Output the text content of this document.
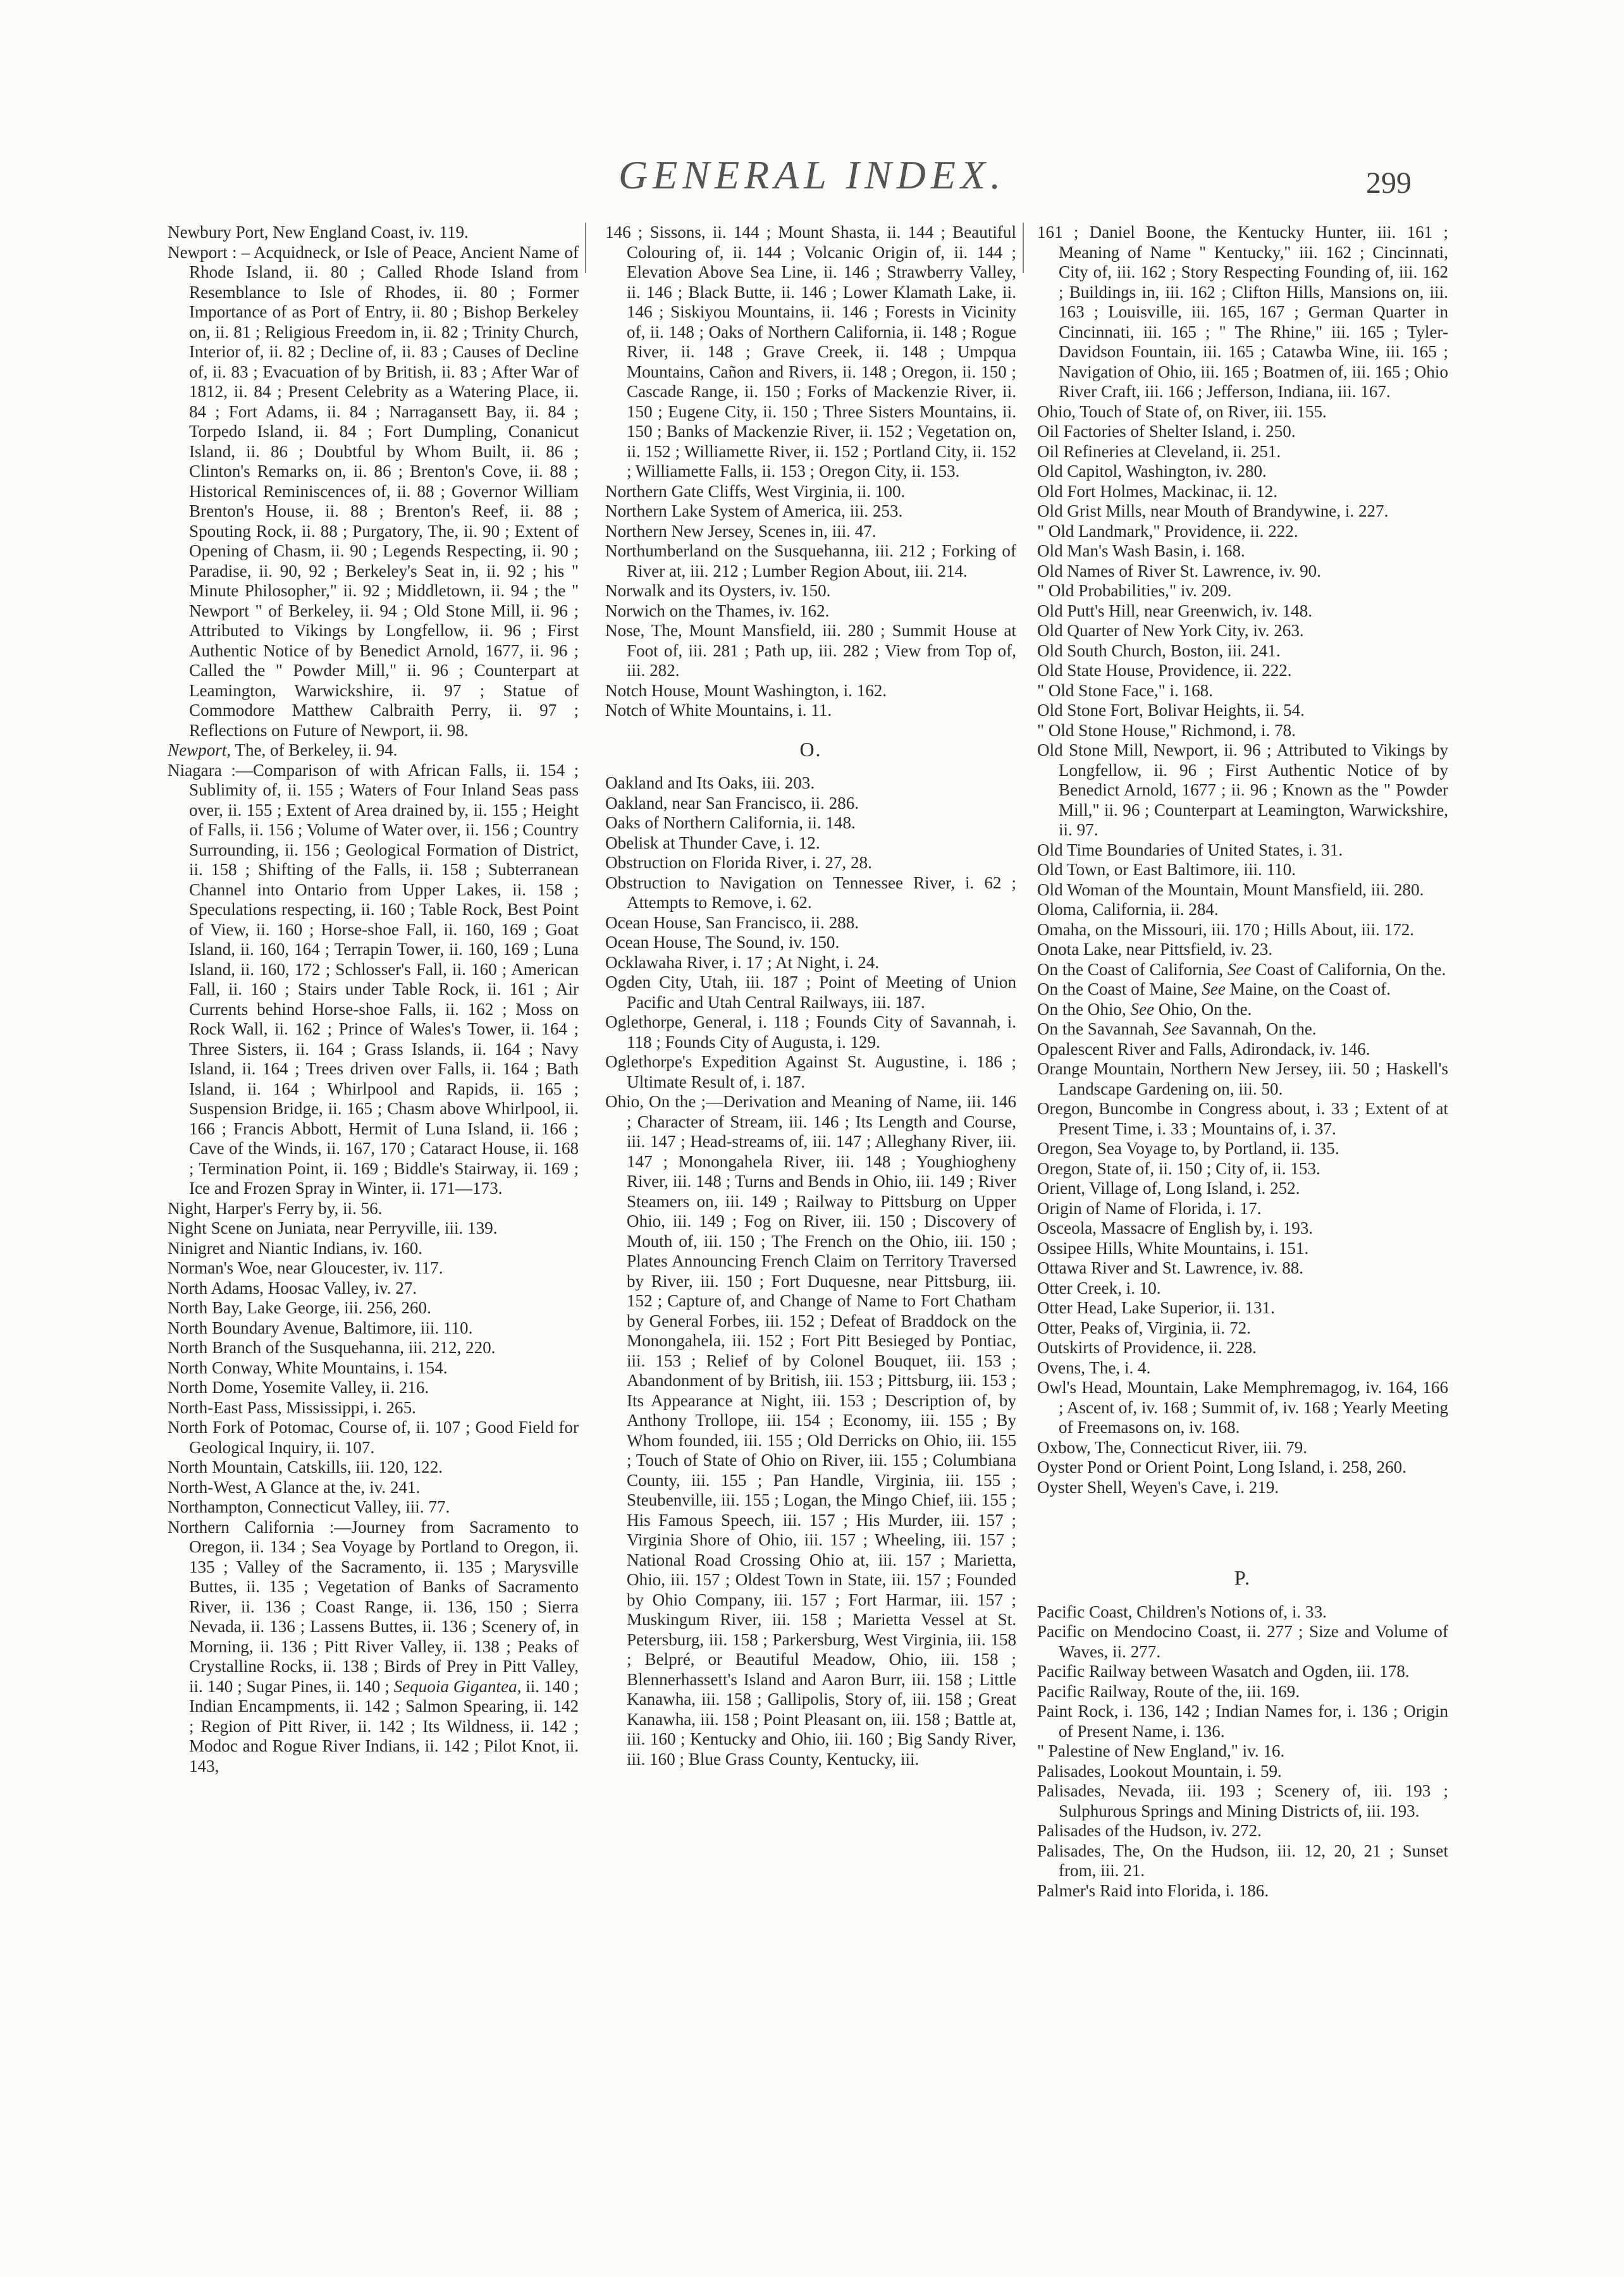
GENERAL INDEX.	299

Newbury Port, New England Coast, iv. 119.

Newport : – Acquidneck, or Isle of Peace, Ancient Name of Rhode Island, ii. 80 ; Called Rhode Island from Resemblance to Isle of Rhodes, ii. 80 ; Former Importance of as Port of Entry, ii. 80 ; Bishop Berkeley on, ii. 81 ; Religious Freedom in, ii. 82 ; Trinity Church, Interior of, ii. 82 ; Decline of, ii. 83 ; Causes of Decline of, ii. 83 ; Evacuation of by British, ii. 83 ; After War of 1812, ii. 84 ; Present Celebrity as a Watering Place, ii. 84 ; Fort Adams, ii. 84 ; Narragansett Bay, ii. 84 ; Torpedo Island, ii. 84 ; Fort Dumpling, Conanicut Island, ii. 86 ; Doubtful by Whom Built, ii. 86 ; Clinton's Remarks on, ii. 86 ; Brenton's Cove, ii. 88 ; Historical Reminiscences of, ii. 88 ; Governor William Brenton's House, ii. 88 ; Brenton's Reef, ii. 88 ; Spouting Rock, ii. 88 ; Purgatory, The, ii. 90 ; Extent of Opening of Chasm, ii. 90 ; Legends Respecting, ii. 90 ; Paradise, ii. 90, 92 ; Berkeley's Seat in, ii. 92 ; his " Minute Philosopher," ii. 92 ; Middletown, ii. 94 ; the " Newport " of Berkeley, ii. 94 ; Old Stone Mill, ii. 96 ; Attributed to Vikings by Longfellow, ii. 96 ; First Authentic Notice of by Benedict Arnold, 1677, ii. 96 ; Called the " Powder Mill," ii. 96 ; Counterpart at Leamington, Warwickshire, ii. 97 ; Statue of Commodore Matthew Calbraith Perry, ii. 97 ; Reflections on Future of Newport, ii. 98.

Newport, The, of Berkeley, ii. 94.

Niagara :—Comparison of with African Falls, ii. 154 ; Sublimity of, ii. 155 ; Waters of Four Inland Seas pass over, ii. 155 ; Extent of Area drained by, ii. 155 ; Height of Falls, ii. 156 ; Volume of Water over, ii. 156 ; Country Surrounding, ii. 156 ; Geological Formation of District, ii. 158 ; Shifting of the Falls, ii. 158 ; Subterranean Channel into Ontario from Upper Lakes, ii. 158 ; Speculations respecting, ii. 160 ; Table Rock, Best Point of View, ii. 160 ; Horse-shoe Fall, ii. 160, 169 ; Goat Island, ii. 160, 164 ; Terrapin Tower, ii. 160, 169 ; Luna Island, ii. 160, 172 ; Schlosser's Fall, ii. 160 ; American Fall, ii. 160 ; Stairs under Table Rock, ii. 161 ; Air Currents behind Horse-shoe Falls, ii. 162 ; Moss on Rock Wall, ii. 162 ; Prince of Wales's Tower, ii. 164 ; Three Sisters, ii. 164 ; Grass Islands, ii. 164 ; Navy Island, ii. 164 ; Trees driven over Falls, ii. 164 ; Bath Island, ii. 164 ; Whirlpool and Rapids, ii. 165 ; Suspension Bridge, ii. 165 ; Chasm above Whirlpool, ii. 166 ; Francis Abbott, Hermit of Luna Island, ii. 166 ; Cave of the Winds, ii. 167, 170 ; Cataract House, ii. 168 ; Termination Point, ii. 169 ; Biddle's Stairway, ii. 169 ; Ice and Frozen Spray in Winter, ii. 171—173.

Night, Harper's Ferry by, ii. 56.

Night Scene on Juniata, near Perryville, iii. 139.

Ninigret and Niantic Indians, iv. 160.

Norman's Woe, near Gloucester, iv. 117.

North Adams, Hoosac Valley, iv. 27.

North Bay, Lake George, iii. 256, 260.

North Boundary Avenue, Baltimore, iii. 110.

North Branch of the Susquehanna, iii. 212, 220.

North Conway, White Mountains, i. 154.

North Dome, Yosemite Valley, ii. 216.

North-East Pass, Mississippi, i. 265.

North Fork of Potomac, Course of, ii. 107 ; Good Field for Geological Inquiry, ii. 107.

North Mountain, Catskills, iii. 120, 122.

North-West, A Glance at the, iv. 241.

Northampton, Connecticut Valley, iii. 77.

Northern California :—Journey from Sacramento to Oregon, ii. 134 ; Sea Voyage by Portland to Oregon, ii. 135 ; Valley of the Sacramento, ii. 135 ; Marysville Buttes, ii. 135 ; Vegetation of Banks of Sacramento River, ii. 136 ; Coast Range, ii. 136, 150 ; Sierra Nevada, ii. 136 ; Lassens Buttes, ii. 136 ; Scenery of, in Morning, ii. 136 ; Pitt River Valley, ii. 138 ; Peaks of Crystalline Rocks, ii. 138 ; Birds of Prey in Pitt Valley, ii. 140 ; Sugar Pines, ii. 140 ; Sequoia Gigantea, ii. 140 ; Indian Encampments, ii. 142 ; Salmon Spearing, ii. 142 ; Region of Pitt River, ii. 142 ; Its Wildness, ii. 142 ; Modoc and Rogue River Indians, ii. 142 ; Pilot Knot, ii. 143,

146 ; Sissons, ii. 144 ; Mount Shasta, ii. 144 ; Beautiful Colouring of, ii. 144 ; Volcanic Origin of, ii. 144 ; Elevation Above Sea Line, ii. 146 ; Strawberry Valley, ii. 146 ; Black Butte, ii. 146 ; Lower Klamath Lake, ii. 146 ; Siskiyou Mountains, ii. 146 ; Forests in Vicinity of, ii. 148 ; Oaks of Northern California, ii. 148 ; Rogue River, ii. 148 ; Grave Creek, ii. 148 ; Umpqua Mountains, Cañon and Rivers, ii. 148 ; Oregon, ii. 150 ; Cascade Range, ii. 150 ; Forks of Mackenzie River, ii. 150 ; Eugene City, ii. 150 ; Three Sisters Mountains, ii. 150 ; Banks of Mackenzie River, ii. 152 ; Vegetation on, ii. 152 ; Williamette River, ii. 152 ; Portland City, ii. 152 ; Williamette Falls, ii. 153 ; Oregon City, ii. 153.

Northern Gate Cliffs, West Virginia, ii. 100.

Northern Lake System of America, iii. 253.

Northern New Jersey, Scenes in, iii. 47.

Northumberland on the Susquehanna, iii. 212 ; Forking of River at, iii. 212 ; Lumber Region About, iii. 214.

Norwalk and its Oysters, iv. 150.

Norwich on the Thames, iv. 162.

Nose, The, Mount Mansfield, iii. 280 ; Summit House at Foot of, iii. 281 ; Path up, iii. 282 ; View from Top of, iii. 282.

Notch House, Mount Washington, i. 162.

Notch of White Mountains, i. 11.

O.

Oakland and Its Oaks, iii. 203.

Oakland, near San Francisco, ii. 286.

Oaks of Northern California, ii. 148.

Obelisk at Thunder Cave, i. 12.

Obstruction on Florida River, i. 27, 28.

Obstruction to Navigation on Tennessee River, i. 62 ; Attempts to Remove, i. 62.

Ocean House, San Francisco, ii. 288.

Ocean House, The Sound, iv. 150.

Ocklawaha River, i. 17 ; At Night, i. 24.

Ogden City, Utah, iii. 187 ; Point of Meeting of Union Pacific and Utah Central Railways, iii. 187.

Oglethorpe, General, i. 118 ; Founds City of Savannah, i. 118 ; Founds City of Augusta, i. 129.

Oglethorpe's Expedition Against St. Augustine, i. 186 ; Ultimate Result of, i. 187.

Ohio, On the ;—Derivation and Meaning of Name, iii. 146 ; Character of Stream, iii. 146 ; Its Length and Course, iii. 147 ; Head-streams of, iii. 147 ; Alleghany River, iii. 147 ; Monongahela River, iii. 148 ; Youghiogheny River, iii. 148 ; Turns and Bends in Ohio, iii. 149 ; River Steamers on, iii. 149 ; Railway to Pittsburg on Upper Ohio, iii. 149 ; Fog on River, iii. 150 ; Discovery of Mouth of, iii. 150 ; The French on the Ohio, iii. 150 ; Plates Announcing French Claim on Territory Traversed by River, iii. 150 ; Fort Duquesne, near Pittsburg, iii. 152 ; Capture of, and Change of Name to Fort Chatham by General Forbes, iii. 152 ; Defeat of Braddock on the Monongahela, iii. 152 ; Fort Pitt Besieged by Pontiac, iii. 153 ; Relief of by Colonel Bouquet, iii. 153 ; Abandonment of by British, iii. 153 ; Pittsburg, iii. 153 ; Its Appearance at Night, iii. 153 ; Description of, by Anthony Trollope, iii. 154 ; Economy, iii. 155 ; By Whom founded, iii. 155 ; Old Derricks on Ohio, iii. 155 ; Touch of State of Ohio on River, iii. 155 ; Columbiana County, iii. 155 ; Pan Handle, Virginia, iii. 155 ; Steubenville, iii. 155 ; Logan, the Mingo Chief, iii. 155 ; His Famous Speech, iii. 157 ; His Murder, iii. 157 ; Virginia Shore of Ohio, iii. 157 ; Wheeling, iii. 157 ; National Road Crossing Ohio at, iii. 157 ; Marietta, Ohio, iii. 157 ; Oldest Town in State, iii. 157 ; Founded by Ohio Company, iii. 157 ; Fort Harmar, iii. 157 ; Muskingum River, iii. 158 ; Marietta Vessel at St. Petersburg, iii. 158 ; Parkersburg, West Virginia, iii. 158 ; Belpré, or Beautiful Meadow, Ohio, iii. 158 ; Blennerhassett's Island and Aaron Burr, iii. 158 ; Little Kanawha, iii. 158 ; Gallipolis, Story of, iii. 158 ; Great Kanawha, iii. 158 ; Point Pleasant on, iii. 158 ; Battle at, iii. 160 ; Kentucky and Ohio, iii. 160 ; Big Sandy River, iii. 160 ; Blue Grass County, Kentucky, iii.

161 ; Daniel Boone, the Kentucky Hunter, iii. 161 ; Meaning of Name " Kentucky," iii. 162 ; Cincinnati, City of, iii. 162 ; Story Respecting Founding of, iii. 162 ; Buildings in, iii. 162 ; Clifton Hills, Mansions on, iii. 163 ; Louisville, iii. 165, 167 ; German Quarter in Cincinnati, iii. 165 ; " The Rhine," iii. 165 ; Tyler-Davidson Fountain, iii. 165 ; Catawba Wine, iii. 165 ; Navigation of Ohio, iii. 165 ; Boatmen of, iii. 165 ; Ohio River Craft, iii. 166 ; Jefferson, Indiana, iii. 167.

Ohio, Touch of State of, on River, iii. 155.

Oil Factories of Shelter Island, i. 250.

Oil Refineries at Cleveland, ii. 251.

Old Capitol, Washington, iv. 280.

Old Fort Holmes, Mackinac, ii. 12.

Old Grist Mills, near Mouth of Brandywine, i. 227.

" Old Landmark," Providence, ii. 222.

Old Man's Wash Basin, i. 168.

Old Names of River St. Lawrence, iv. 90.

" Old Probabilities," iv. 209.

Old Putt's Hill, near Greenwich, iv. 148.

Old Quarter of New York City, iv. 263.

Old South Church, Boston, iii. 241.

Old State House, Providence, ii. 222.

" Old Stone Face," i. 168.

Old Stone Fort, Bolivar Heights, ii. 54.

" Old Stone House," Richmond, i. 78.

Old Stone Mill, Newport, ii. 96 ; Attributed to Vikings by Longfellow, ii. 96 ; First Authentic Notice of by Benedict Arnold, 1677 ; ii. 96 ; Known as the " Powder Mill," ii. 96 ; Counterpart at Leamington, Warwickshire, ii. 97.

Old Time Boundaries of United States, i. 31.

Old Town, or East Baltimore, iii. 110.

Old Woman of the Mountain, Mount Mansfield, iii. 280.

Oloma, California, ii. 284.

Omaha, on the Missouri, iii. 170 ; Hills About, iii. 172.

Onota Lake, near Pittsfield, iv. 23.

On the Coast of California, See Coast of California, On the.

On the Coast of Maine, See Maine, on the Coast of.

On the Ohio, See Ohio, On the.

On the Savannah, See Savannah, On the.

Opalescent River and Falls, Adirondack, iv. 146.

Orange Mountain, Northern New Jersey, iii. 50 ; Haskell's Landscape Gardening on, iii. 50.

Oregon, Buncombe in Congress about, i. 33 ; Extent of at Present Time, i. 33 ; Mountains of, i. 37.

Oregon, Sea Voyage to, by Portland, ii. 135.

Oregon, State of, ii. 150 ; City of, ii. 153.

Orient, Village of, Long Island, i. 252.

Origin of Name of Florida, i. 17.

Osceola, Massacre of English by, i. 193.

Ossipee Hills, White Mountains, i. 151.

Ottawa River and St. Lawrence, iv. 88.

Otter Creek, i. 10.

Otter Head, Lake Superior, ii. 131.

Otter, Peaks of, Virginia, ii. 72.

Outskirts of Providence, ii. 228.

Ovens, The, i. 4.

Owl's Head, Mountain, Lake Memphremagog, iv. 164, 166 ; Ascent of, iv. 168 ; Summit of, iv. 168 ; Yearly Meeting of Freemasons on, iv. 168.

Oxbow, The, Connecticut River, iii. 79.

Oyster Pond or Orient Point, Long Island, i. 258, 260.

Oyster Shell, Weyen's Cave, i. 219.

P.

Pacific Coast, Children's Notions of, i. 33.

Pacific on Mendocino Coast, ii. 277 ; Size and Volume of Waves, ii. 277.

Pacific Railway between Wasatch and Ogden, iii. 178.

Pacific Railway, Route of the, iii. 169.

Paint Rock, i. 136, 142 ; Indian Names for, i. 136 ; Origin of Present Name, i. 136.

" Palestine of New England," iv. 16.

Palisades, Lookout Mountain, i. 59.

Palisades, Nevada, iii. 193 ; Scenery of, iii. 193 ; Sulphurous Springs and Mining Districts of, iii. 193.

Palisades of the Hudson, iv. 272.

Palisades, The, On the Hudson, iii. 12, 20, 21 ; Sunset from, iii. 21.

Palmer's Raid into Florida, i. 186.
